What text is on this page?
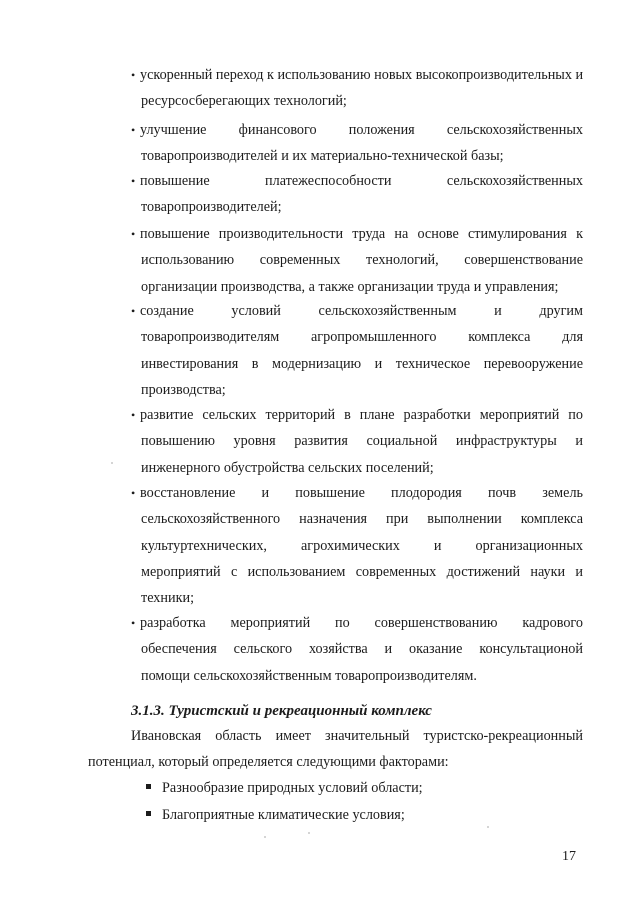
• ускоренный переход к использованию новых высокопроизводительных и
ресурсосберегающих технологий;
• улучшение финансового положения сельскохозяйственных
товаропроизводителей и их материально-технической базы;
• повышение платежеспособности сельскохозяйственных
товаропроизводителей;
• повышение производительности труда на основе стимулирования к
использованию современных технологий, совершенствование
организации производства, а также организации труда и управления;
• создание условий сельскохозяйственным и другим
товаропроизводителям агропромышленного комплекса для
инвестирования в модернизацию и техническое перевооружение
производства;
• развитие сельских территорий в плане разработки мероприятий по
повышению уровня развития социальной инфраструктуры и
инженерного обустройства сельских поселений;
• восстановление и повышение плодородия почв земель
сельскохозяйственного назначения при выполнении комплекса
культуртехнических, агрохимических и организационных
мероприятий с использованием современных достижений науки и
техники;
• разработка мероприятий по совершенствованию кадрового
обеспечения сельского хозяйства и оказание консультационой
помощи сельскохозяйственным товаропроизводителям.
3.1.3. Туристский и рекреационный комплекс
Ивановская область имеет значительный туристско-рекреационный
потенциал, который определяется следующими факторами:
Разнообразие природных условий области;
Благоприятные климатические условия;
17
